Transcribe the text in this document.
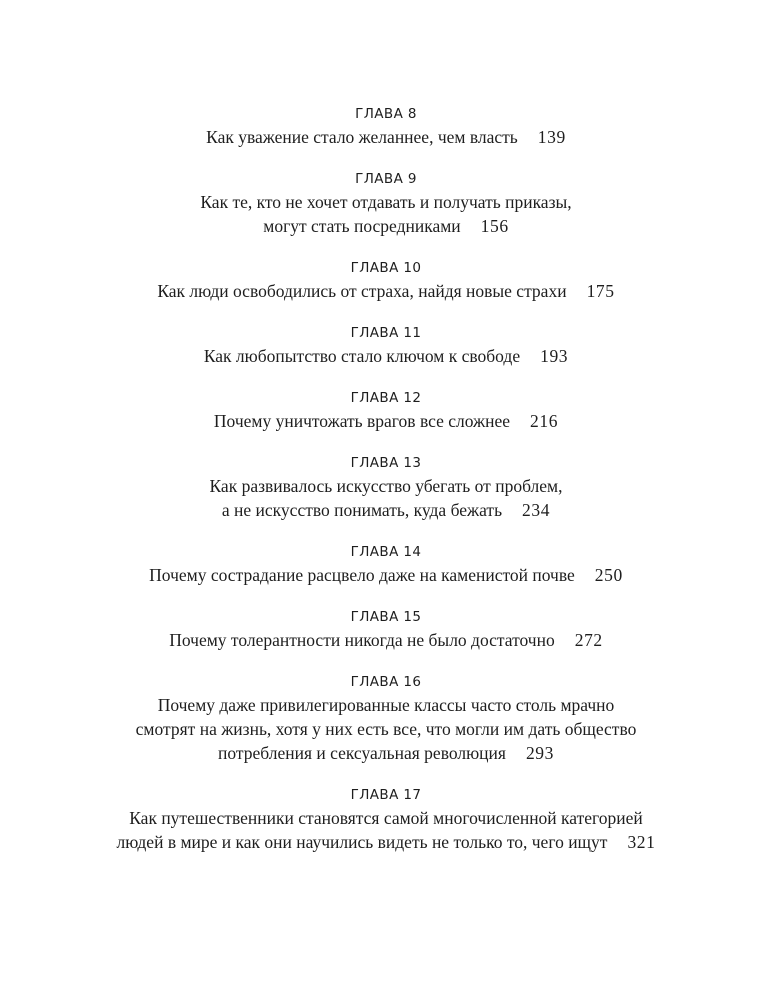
ГЛАВА 8
Как уважение стало желаннее, чем власть 139
ГЛАВА 9
Как те, кто не хочет отдавать и получать приказы,
могут стать посредниками 156
ГЛАВА 10
Как люди освободились от страха, найдя новые страхи 175
ГЛАВА 11
Как любопытство стало ключом к свободе 193
ГЛАВА 12
Почему уничтожать врагов все сложнее 216
ГЛАВА 13
Как развивалось искусство убегать от проблем,
а не искусство понимать, куда бежать 234
ГЛАВА 14
Почему сострадание расцвело даже на каменистой почве 250
ГЛАВА 15
Почему толерантности никогда не было достаточно 272
ГЛАВА 16
Почему даже привилегированные классы часто столь мрачно
смотрят на жизнь, хотя у них есть все, что могли им дать общество
потребления и сексуальная революция 293
ГЛАВА 17
Как путешественники становятся самой многочисленной категорией
людей в мире и как они научились видеть не только то, чего ищут 321
